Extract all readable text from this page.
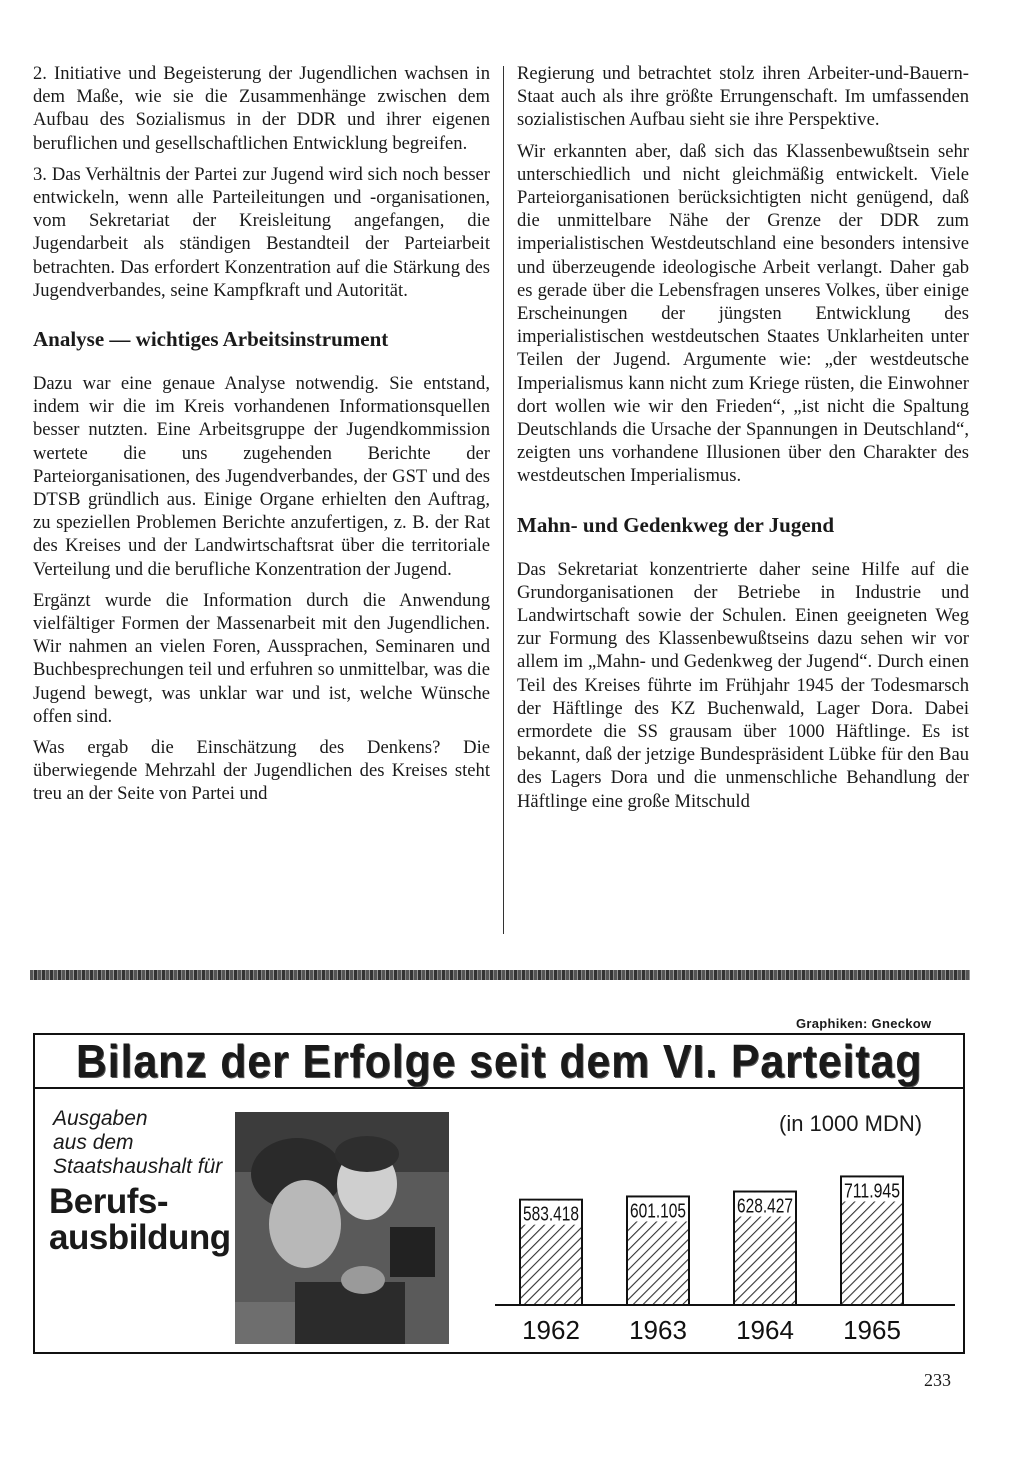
2. Initiative und Begeisterung der Jugendlichen wachsen in dem Maße, wie sie die Zusammenhänge zwischen dem Aufbau des Sozialismus in der DDR und ihrer eigenen beruflichen und gesellschaftlichen Entwicklung begreifen.

3. Das Verhältnis der Partei zur Jugend wird sich noch besser entwickeln, wenn alle Parteileitungen und -organisationen, vom Sekretariat der Kreisleitung angefangen, die Jugendarbeit als ständigen Bestandteil der Parteiarbeit betrachten. Das erfordert Konzentration auf die Stärkung des Jugendverbandes, seine Kampfkraft und Autorität.

Analyse — wichtiges Arbeitsinstrument

Dazu war eine genaue Analyse notwendig. Sie entstand, indem wir die im Kreis vorhandenen Informationsquellen besser nutzten. Eine Arbeitsgruppe der Jugendkommission wertete die uns zugehenden Berichte der Parteiorganisationen, des Jugendverbandes, der GST und des DTSB gründlich aus. Einige Organe erhielten den Auftrag, zu speziellen Problemen Berichte anzufertigen, z. B. der Rat des Kreises und der Landwirtschaftsrat über die territoriale Verteilung und die berufliche Konzentration der Jugend.

Ergänzt wurde die Information durch die Anwendung vielfältiger Formen der Massenarbeit mit den Jugendlichen. Wir nahmen an vielen Foren, Aussprachen, Seminaren und Buchbesprechungen teil und erfuhren so unmittelbar, was die Jugend bewegt, was unklar war und ist, welche Wünsche offen sind.

Was ergab die Einschätzung des Denkens? Die überwiegende Mehrzahl der Jugendlichen des Kreises steht treu an der Seite von Partei und

Regierung und betrachtet stolz ihren Arbeiter-und-Bauern-Staat auch als ihre größte Errungenschaft. Im umfassenden sozialistischen Aufbau sieht sie ihre Perspektive.

Wir erkannten aber, daß sich das Klassenbewußtsein sehr unterschiedlich und nicht gleichmäßig entwickelt. Viele Parteiorganisationen berücksichtigten nicht genügend, daß die unmittelbare Nähe der Grenze der DDR zum imperialistischen Westdeutschland eine besonders intensive und überzeugende ideologische Arbeit verlangt. Daher gab es gerade über die Lebensfragen unseres Volkes, über einige Erscheinungen der jüngsten Entwicklung des imperialistischen westdeutschen Staates Unklarheiten unter Teilen der Jugend. Argumente wie: „der westdeutsche Imperialismus kann nicht zum Kriege rüsten, die Einwohner dort wollen wie wir den Frieden“, „ist nicht die Spaltung Deutschlands die Ursache der Spannungen in Deutschland“, zeigten uns vorhandene Illusionen über den Charakter des westdeutschen Imperialismus.

Mahn- und Gedenkweg der Jugend

Das Sekretariat konzentrierte daher seine Hilfe auf die Grundorganisationen der Betriebe in Industrie und Landwirtschaft sowie der Schulen. Einen geeigneten Weg zur Formung des Klassenbewußtseins dazu sehen wir vor allem im „Mahn- und Gedenkweg der Jugend“. Durch einen Teil des Kreises führte im Frühjahr 1945 der Todesmarsch der Häftlinge des KZ Buchenwald, Lager Dora. Dabei ermordete die SS grausam über 1000 Häftlinge. Es ist bekannt, daß der jetzige Bundespräsident Lübke für den Bau des Lagers Dora und die unmenschliche Behandlung der Häftlinge eine große Mitschuld

Graphiken: Gneckow
Bilanz der Erfolge seit dem VI. Parteitag
Ausgaben
aus dem
Staatshaushalt für
Berufs-
ausbildung
(in 1000 MDN)
583.418
1962
601.105
1963
628.427
1964
711.945
1965
233
